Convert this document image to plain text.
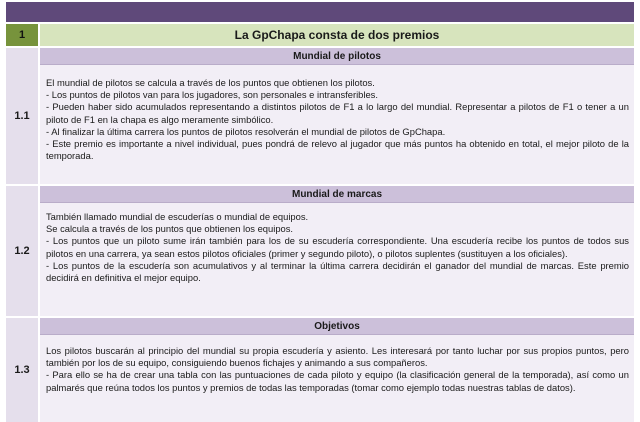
1	La GpChapa consta de dos premios
1.1
Mundial de pilotos

El mundial de pilotos se calcula a través de los puntos que obtienen los pilotos.

- Los puntos de pilotos van para los jugadores, son personales e intransferibles.

- Pueden haber sido acumulados representando a distintos pilotos de F1 a lo largo del mundial. Representar a pilotos de F1 o tener a un piloto de F1 en la chapa es algo meramente simbólico.

- Al finalizar la última carrera los puntos de pilotos resolverán el mundial de pilotos de GpChapa.

- Este premio es importante a nivel individual, pues pondrá de relevo al jugador que más puntos ha obtenido en total, el mejor piloto de la temporada.

1.2
Mundial de marcas

También llamado mundial de escuderías o mundial de equipos.

Se calcula a través de los puntos que obtienen los equipos.

- Los puntos que un piloto sume irán también para los de su escudería correspondiente. Una escudería recibe los puntos de todos sus pilotos en una carrera, ya sean estos pilotos oficiales (primer y segundo piloto), o pilotos suplentes (sustituyen a los oficiales).

- Los puntos de la escudería son acumulativos y al terminar la última carrera decidirán el ganador del mundial de marcas. Este premio decidirá en definitiva el mejor equipo.

1.3
Objetivos

Los pilotos buscarán al principio del mundial su propia escudería y asiento. Les interesará por tanto luchar por sus propios puntos, pero también por los de su equipo, consiguiendo buenos fichajes y animando a sus compañeros.

- Para ello se ha de crear una tabla con las puntuaciones de cada piloto y equipo (la clasificación general de la temporada), así como un palmarés que reúna todos los puntos y premios de todas las temporadas (tomar como ejemplo todas nuestras tablas de datos).
